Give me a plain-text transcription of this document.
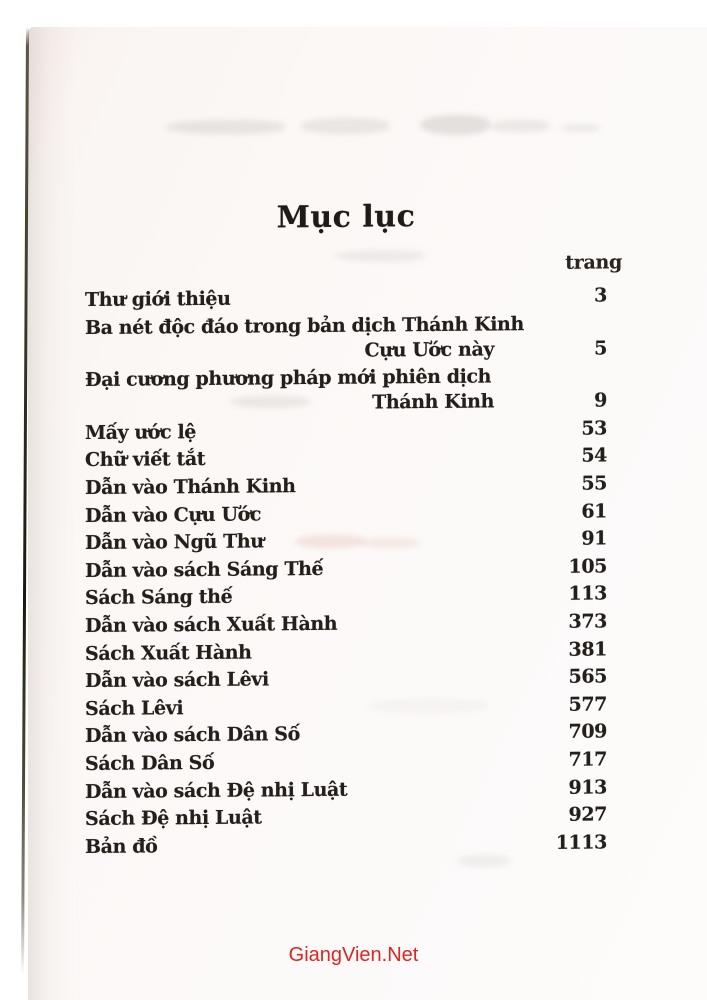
Mục lục
trang
Thư giới thiệu	3
Ba nét độc đáo trong bản dịch Thánh Kinh
Cựu Ước này	5
Đại cương phương pháp mới phiên dịch
Thánh Kinh	9
Mấy ước lệ	53
Chữ viết tắt	54
Dẫn vào Thánh Kinh	55
Dẫn vào Cựu Ước	61
Dẫn vào Ngũ Thư	91
Dẫn vào sách Sáng Thế	105
Sách Sáng thế	113
Dẫn vào sách Xuất Hành	373
Sách Xuất Hành	381
Dẫn vào sách Lêvi	565
Sách Lêvi	577
Dẫn vào sách Dân Số	709
Sách Dân Số	717
Dẫn vào sách Đệ nhị Luật	913
Sách Đệ nhị Luật	927
Bản đồ	1113
GiangVien.Net
